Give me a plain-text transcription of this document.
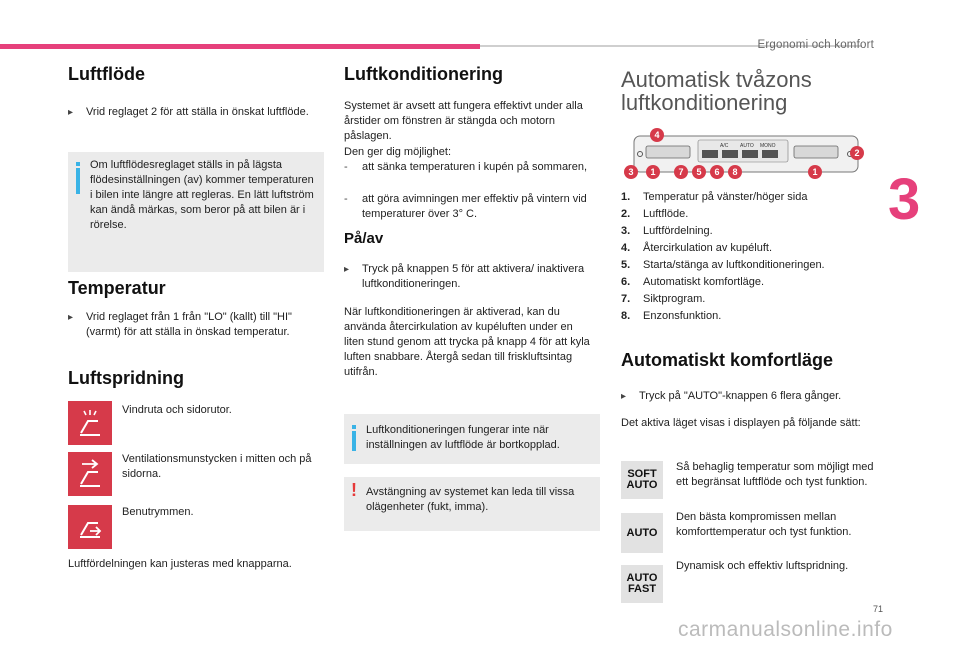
Ergonomi och komfort
3
71
carmanualsonline.info
Luftflöde
▸ Vrid reglaget 2 för att ställa in önskat luftflöde.
Om luftflödesreglaget ställs in på lägsta flödesinställningen (av) kommer temperaturen i bilen inte längre att regleras. En lätt luftström kan ändå märkas, som beror på att bilen är i rörelse.
Temperatur
▸ Vrid reglaget från 1 från "LO" (kallt) till "HI" (varmt) för att ställa in önskad temperatur.
Luftspridning
Vindruta och sidorutor.
Ventilationsmunstycken i mitten och på sidorna.
Benutrymmen.
Luftfördelningen kan justeras med knapparna.
Luftkonditionering
Systemet är avsett att fungera effektivt under alla årstider om fönstren är stängda och motorn påslagen.
Den ger dig möjlighet:
- att sänka temperaturen i kupén på sommaren,
- att göra avimningen mer effektiv på vintern vid temperaturer över 3° C.
På/av
▸ Tryck på knappen 5 för att aktivera/ inaktivera luftkonditioneringen.
När luftkonditioneringen är aktiverad, kan du använda återcirkulation av kupéluften under en liten stund genom att trycka på knapp 4 för att kyla luften snabbare. Återgå sedan till friskluftsintag utifrån.
Luftkonditioneringen fungerar inte när inställningen av luftflöde är bortkopplad.
! Avstängning av systemet kan leda till vissa olägenheter (fukt, imma).
Automatisk tvåzons
luftkonditionering
A/C AUTO MONO
4
2
3	1	7	5	6	8	1
1. Temperatur på vänster/höger sida
2. Luftflöde.
3. Luftfördelning.
4. Återcirkulation av kupéluft.
5. Starta/stänga av luftkonditioneringen.
6. Automatiskt komfortläge.
7. Siktprogram.
8. Enzonsfunktion.
Automatiskt komfortläge
▸ Tryck på "AUTO"-knappen 6 flera gånger.
Det aktiva läget visas i displayen på följande sätt:
SOFT
AUTO
Så behaglig temperatur som möjligt med ett begränsat luftflöde och tyst funktion.
AUTO
Den bästa kompromissen mellan komforttemperatur och tyst funktion.
AUTO
FAST
Dynamisk och effektiv luftspridning.
